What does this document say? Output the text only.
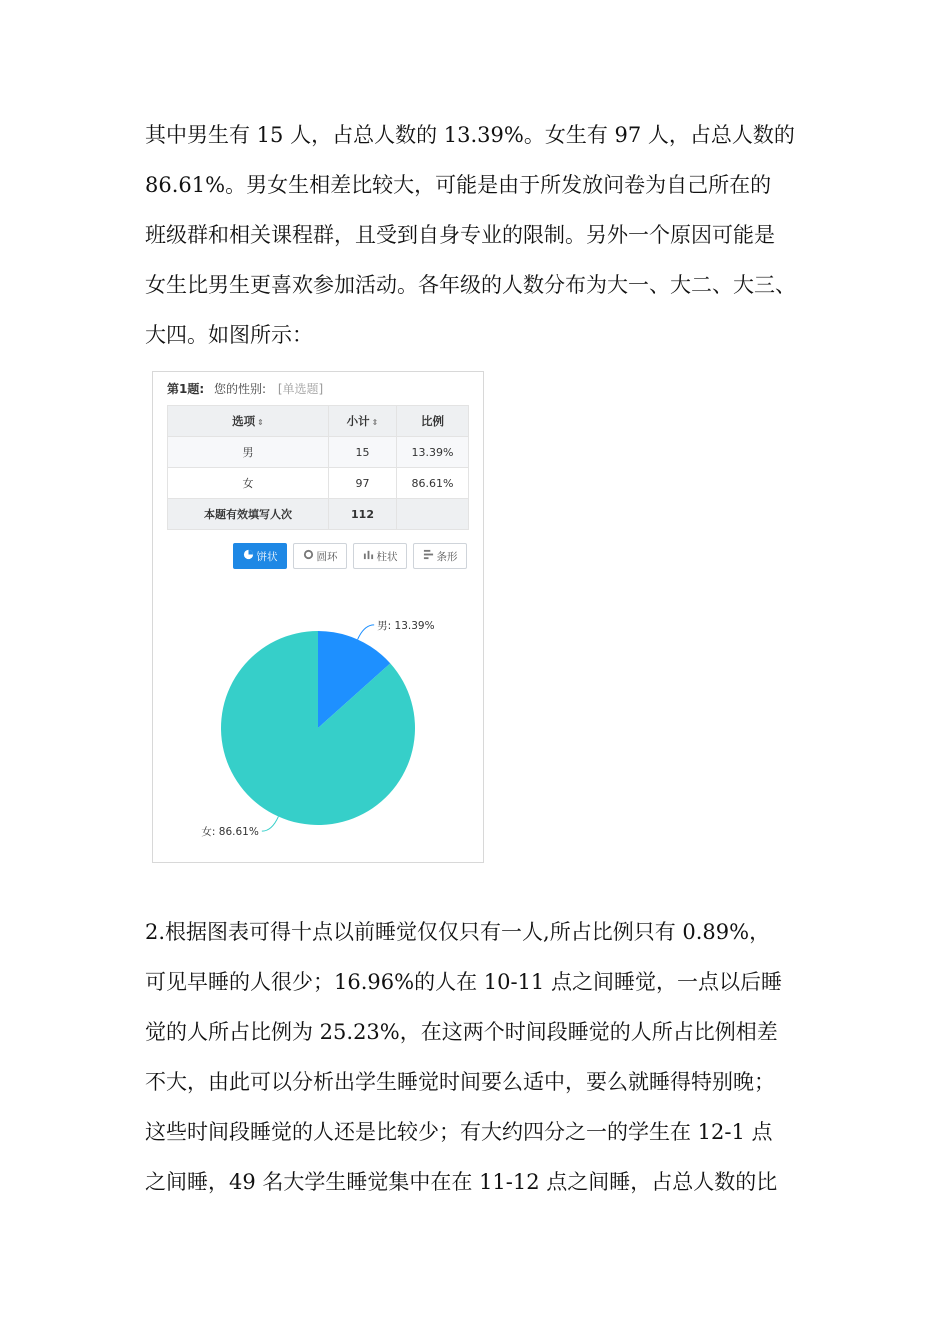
其中男生有 15 人，占总人数的 13.39%。女生有 97 人，占总人数的
86.61%。男女生相差比较大，可能是由于所发放问卷为自己所在的
班级群和相关课程群，且受到自身专业的限制。另外一个原因可能是
女生比男生更喜欢参加活动。各年级的人数分布为大一、大二、大三、
大四。如图所示：
第1题: 您的性别: [单选题]
选项 ⇕	小计 ⇕	比例
男	15	13.39%
女	97	86.61%
本题有效填写人次	112	
饼状	圆环	柱状	条形
男: 13.39%
女: 86.61%
2.根据图表可得十点以前睡觉仅仅只有一人,所占比例只有 0.89%，
可见早睡的人很少；16.96%的人在 10-11 点之间睡觉，一点以后睡
觉的人所占比例为 25.23%，在这两个时间段睡觉的人所占比例相差
不大，由此可以分析出学生睡觉时间要么适中，要么就睡得特别晚；
这些时间段睡觉的人还是比较少；有大约四分之一的学生在 12-1 点
之间睡，49 名大学生睡觉集中在在 11-12 点之间睡，占总人数的比
